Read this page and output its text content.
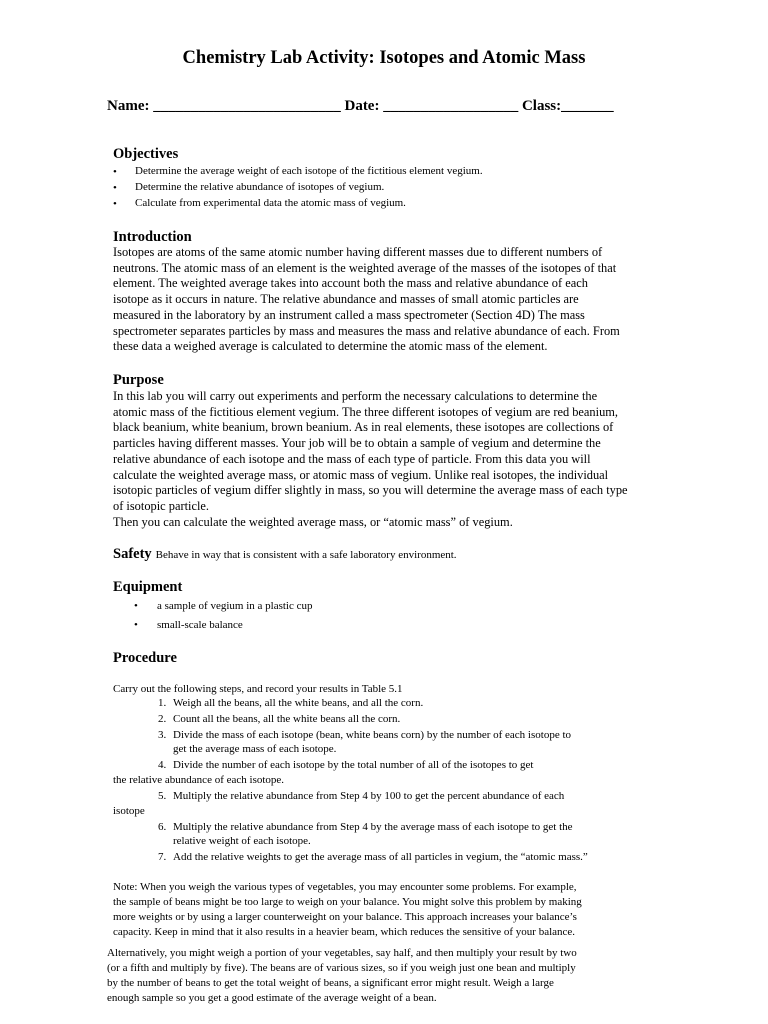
Chemistry Lab Activity: Isotopes and Atomic Mass
Name: _________________________ Date: __________________ Class:_______
Objectives
• Determine the average weight of each isotope of the fictitious element vegium.
• Determine the relative abundance of isotopes of vegium.
• Calculate from experimental data the atomic mass of vegium.
Introduction
Isotopes are atoms of the same atomic number having different masses due to different numbers of
neutrons. The atomic mass of an element is the weighted average of the masses of the isotopes of that
element. The weighted average takes into account both the mass and relative abundance of each
isotope as it occurs in nature. The relative abundance and masses of small atomic particles are
measured in the laboratory by an instrument called a mass spectrometer (Section 4D) The mass
spectrometer separates particles by mass and measures the mass and relative abundance of each. From
these data a weighed average is calculated to determine the atomic mass of the element.
Purpose
In this lab you will carry out experiments and perform the necessary calculations to determine the
atomic mass of the fictitious element vegium. The three different isotopes of vegium are red beanium,
black beanium, white beanium, brown beanium. As in real elements, these isotopes are collections of
particles having different masses. Your job will be to obtain a sample of vegium and determine the
relative abundance of each isotope and the mass of each type of particle. From this data you will
calculate the weighted average mass, or atomic mass of vegium. Unlike real isotopes, the individual
isotopic particles of vegium differ slightly in mass, so you will determine the average mass of each type
of isotopic particle.
Then you can calculate the weighted average mass, or “atomic mass” of vegium.
Safety Behave in way that is consistent with a safe laboratory environment.
Equipment
• a sample of vegium in a plastic cup
• small-scale balance
Procedure
Carry out the following steps, and record your results in Table 5.1
1. Weigh all the beans, all the white beans, and all the corn.
2. Count all the beans, all the white beans all the corn.
3. Divide the mass of each isotope (bean, white beans corn) by the number of each isotope to
get the average mass of each isotope.
4. Divide the number of each isotope by the total number of all of the isotopes to get
the relative abundance of each isotope.
5. Multiply the relative abundance from Step 4 by 100 to get the percent abundance of each
isotope
6. Multiply the relative abundance from Step 4 by the average mass of each isotope to get the
relative weight of each isotope.
7. Add the relative weights to get the average mass of all particles in vegium, the “atomic mass.”
Note: When you weigh the various types of vegetables, you may encounter some problems. For example,
the sample of beans might be too large to weigh on your balance. You might solve this problem by making
more weights or by using a larger counterweight on your balance. This approach increases your balance’s
capacity. Keep in mind that it also results in a heavier beam, which reduces the sensitive of your balance.
Alternatively, you might weigh a portion of your vegetables, say half, and then multiply your result by two
(or a fifth and multiply by five). The beans are of various sizes, so if you weigh just one bean and multiply
by the number of beans to get the total weight of beans, a significant error might result. Weigh a large
enough sample so you get a good estimate of the average weight of a bean.
